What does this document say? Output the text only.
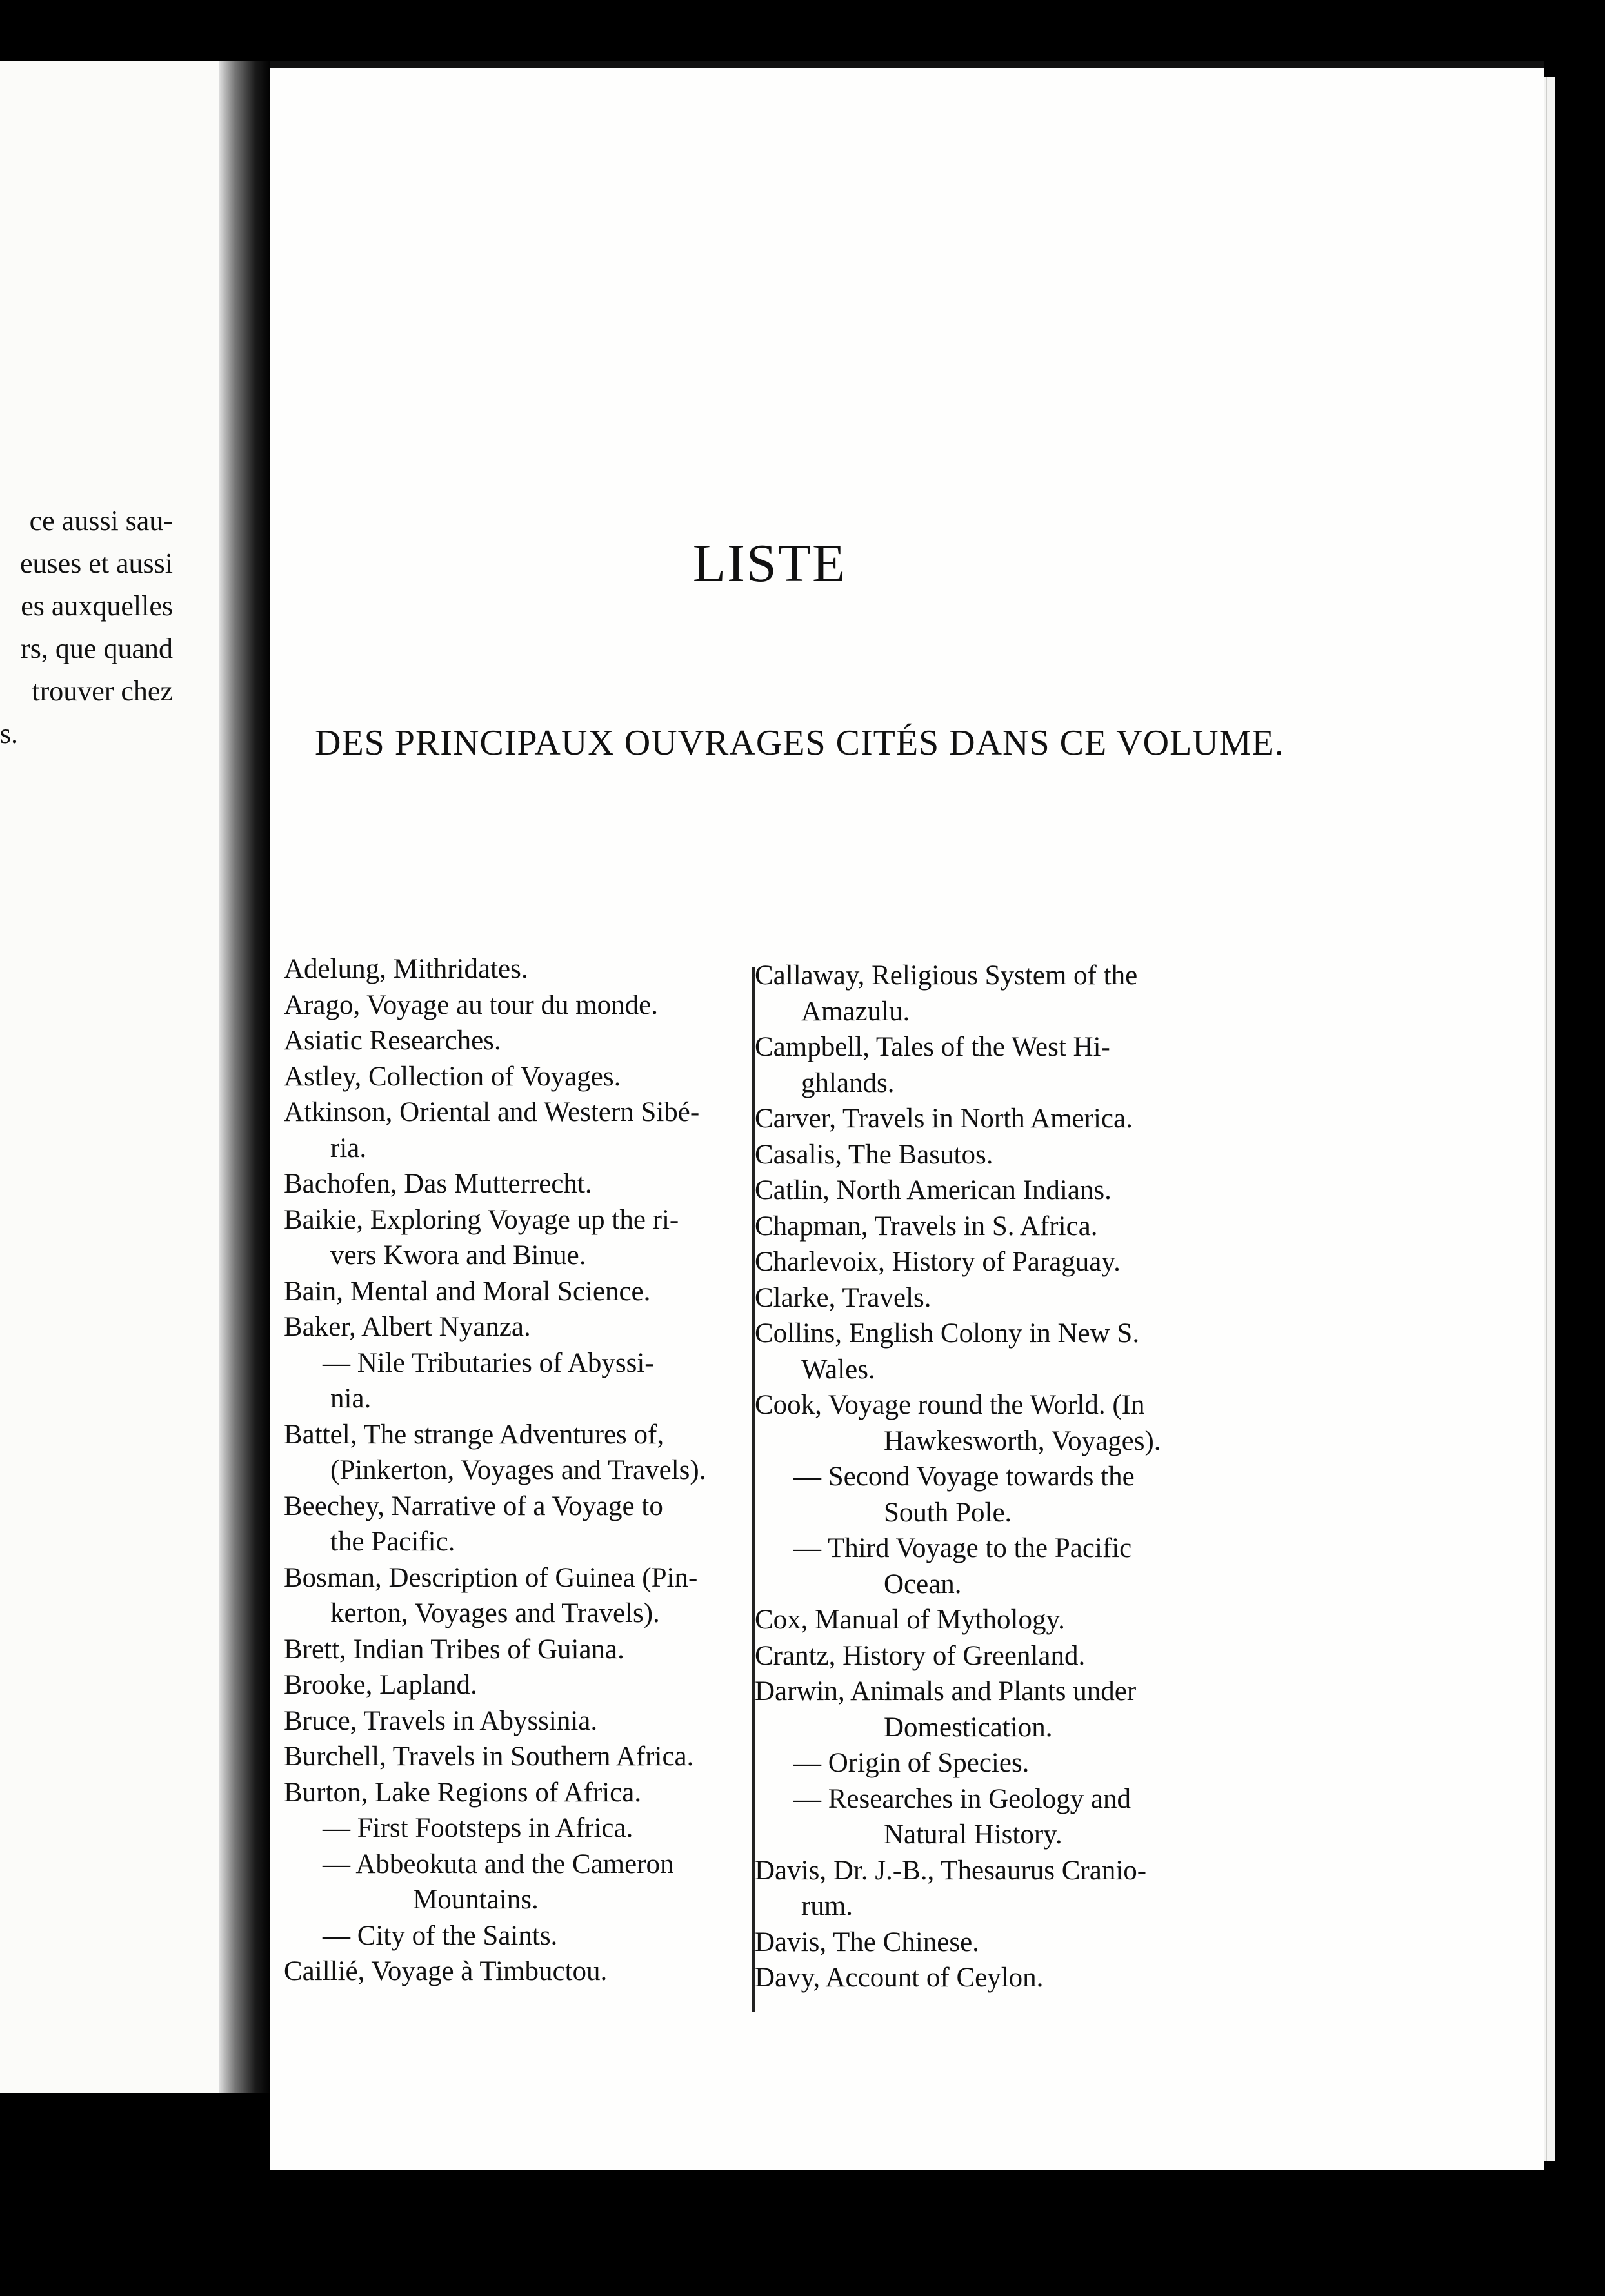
ce aussi sau-
euses et aussi
es auxquelles
rs, que quand
trouver chez
s.
LISTE
DES PRINCIPAUX OUVRAGES CITÉS DANS CE VOLUME.
Adelung, Mithridates.
Arago, Voyage au tour du monde.
Asiatic Researches.
Astley, Collection of Voyages.
Atkinson, Oriental and Western Sibé-
ria.
Bachofen, Das Mutterrecht.
Baikie, Exploring Voyage up the ri-
vers Kwora and Binue.
Bain, Mental and Moral Science.
Baker, Albert Nyanza.
— Nile Tributaries of Abyssi-
nia.
Battel, The strange Adventures of,
(Pinkerton, Voyages and Travels).
Beechey, Narrative of a Voyage to
the Pacific.
Bosman, Description of Guinea (Pin-
kerton, Voyages and Travels).
Brett, Indian Tribes of Guiana.
Brooke, Lapland.
Bruce, Travels in Abyssinia.
Burchell, Travels in Southern Africa.
Burton, Lake Regions of Africa.
— First Footsteps in Africa.
— Abbeokuta and the Cameron
Mountains.
— City of the Saints.
Caillié, Voyage à Timbuctou.
Callaway, Religious System of the
Amazulu.
Campbell, Tales of the West Hi-
ghlands.
Carver, Travels in North America.
Casalis, The Basutos.
Catlin, North American Indians.
Chapman, Travels in S. Africa.
Charlevoix, History of Paraguay.
Clarke, Travels.
Collins, English Colony in New S.
Wales.
Cook, Voyage round the World. (In
Hawkesworth, Voyages).
— Second Voyage towards the
South Pole.
— Third Voyage to the Pacific
Ocean.
Cox, Manual of Mythology.
Crantz, History of Greenland.
Darwin, Animals and Plants under
Domestication.
— Origin of Species.
— Researches in Geology and
Natural History.
Davis, Dr. J.-B., Thesaurus Cranio-
rum.
Davis, The Chinese.
Davy, Account of Ceylon.
